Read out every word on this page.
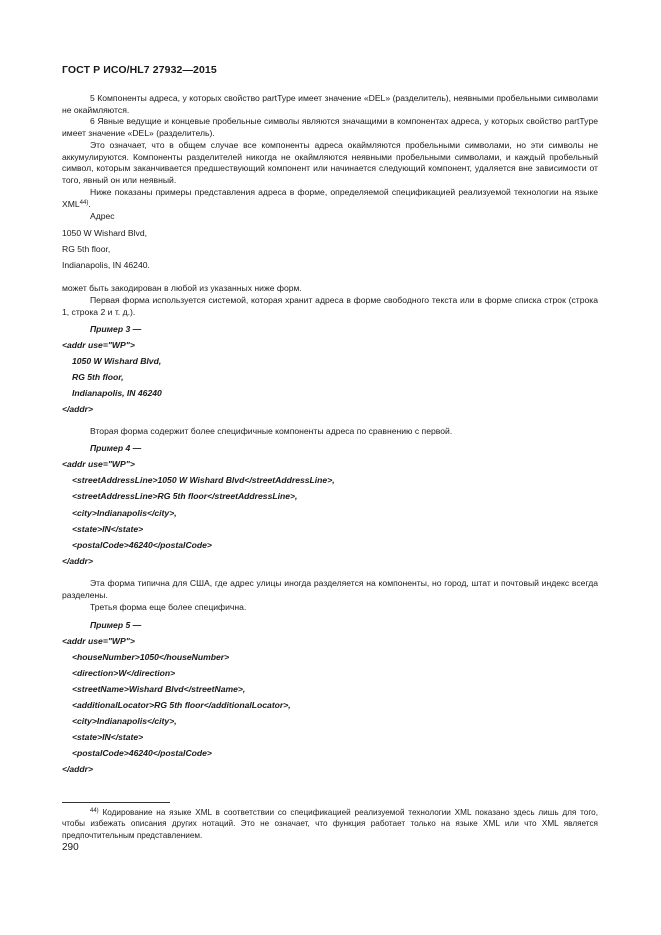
ГОСТ Р ИСО/HL7 27932—2015
5 Компоненты адреса, у которых свойство partType имеет значение «DEL» (разделитель), неявными пробельными символами не окаймляются.
6 Явные ведущие и концевые пробельные символы являются значащими в компонентах адреса, у которых свойство partType имеет значение «DEL» (разделитель).
Это означает, что в общем случае все компоненты адреса окаймляются пробельными символами, но эти символы не аккумулируются. Компоненты разделителей никогда не окаймляются неявными пробельными символами, и каждый пробельный символ, которым заканчивается предшествующий компонент или начинается следующий компонент, удаляется вне зависимости от того, явный он или неявный.
Ниже показаны примеры представления адреса в форме, определяемой спецификацией реализуемой технологии на языке XML$^{44)}$.
Адрес
1050 W Wishard Blvd,
RG 5th floor,
Indianapolis, IN 46240.
может быть закодирован в любой из указанных ниже форм.
Первая форма используется системой, которая хранит адреса в форме свободного текста или в форме списка строк (строка 1, строка 2 и т. д.).
Пример 3 —
<addr use="WP">
1050 W Wishard Blvd,
RG 5th floor,
Indianapolis, IN 46240
</addr>
Вторая форма содержит более специфичные компоненты адреса по сравнению с первой.
Пример 4 —
<addr use="WP">
<streetAddressLine>1050 W Wishard Blvd</streetAddressLine>,
<streetAddressLine>RG 5th floor</streetAddressLine>,
<city>Indianapolis</city>,
<state>IN</state>
<postalCode>46240</postalCode>
</addr>
Эта форма типична для США, где адрес улицы иногда разделяется на компоненты, но город, штат и почтовый индекс всегда разделены.
Третья форма еще более специфична.
Пример 5 —
<addr use="WP">
<houseNumber>1050</houseNumber>
<direction>W</direction>
<streetName>Wishard Blvd</streetName>,
<additionalLocator>RG 5th floor</additionalLocator>,
<city>Indianapolis</city>,
<state>IN</state>
<postalCode>46240</postalCode>
</addr>
$^{44)}$ Кодирование на языке XML в соответствии со спецификацией реализуемой технологии XML показано здесь лишь для того, чтобы избежать описания других нотаций. Это не означает, что функция работает только на языке XML или что XML является предпочтительным представлением.
290
